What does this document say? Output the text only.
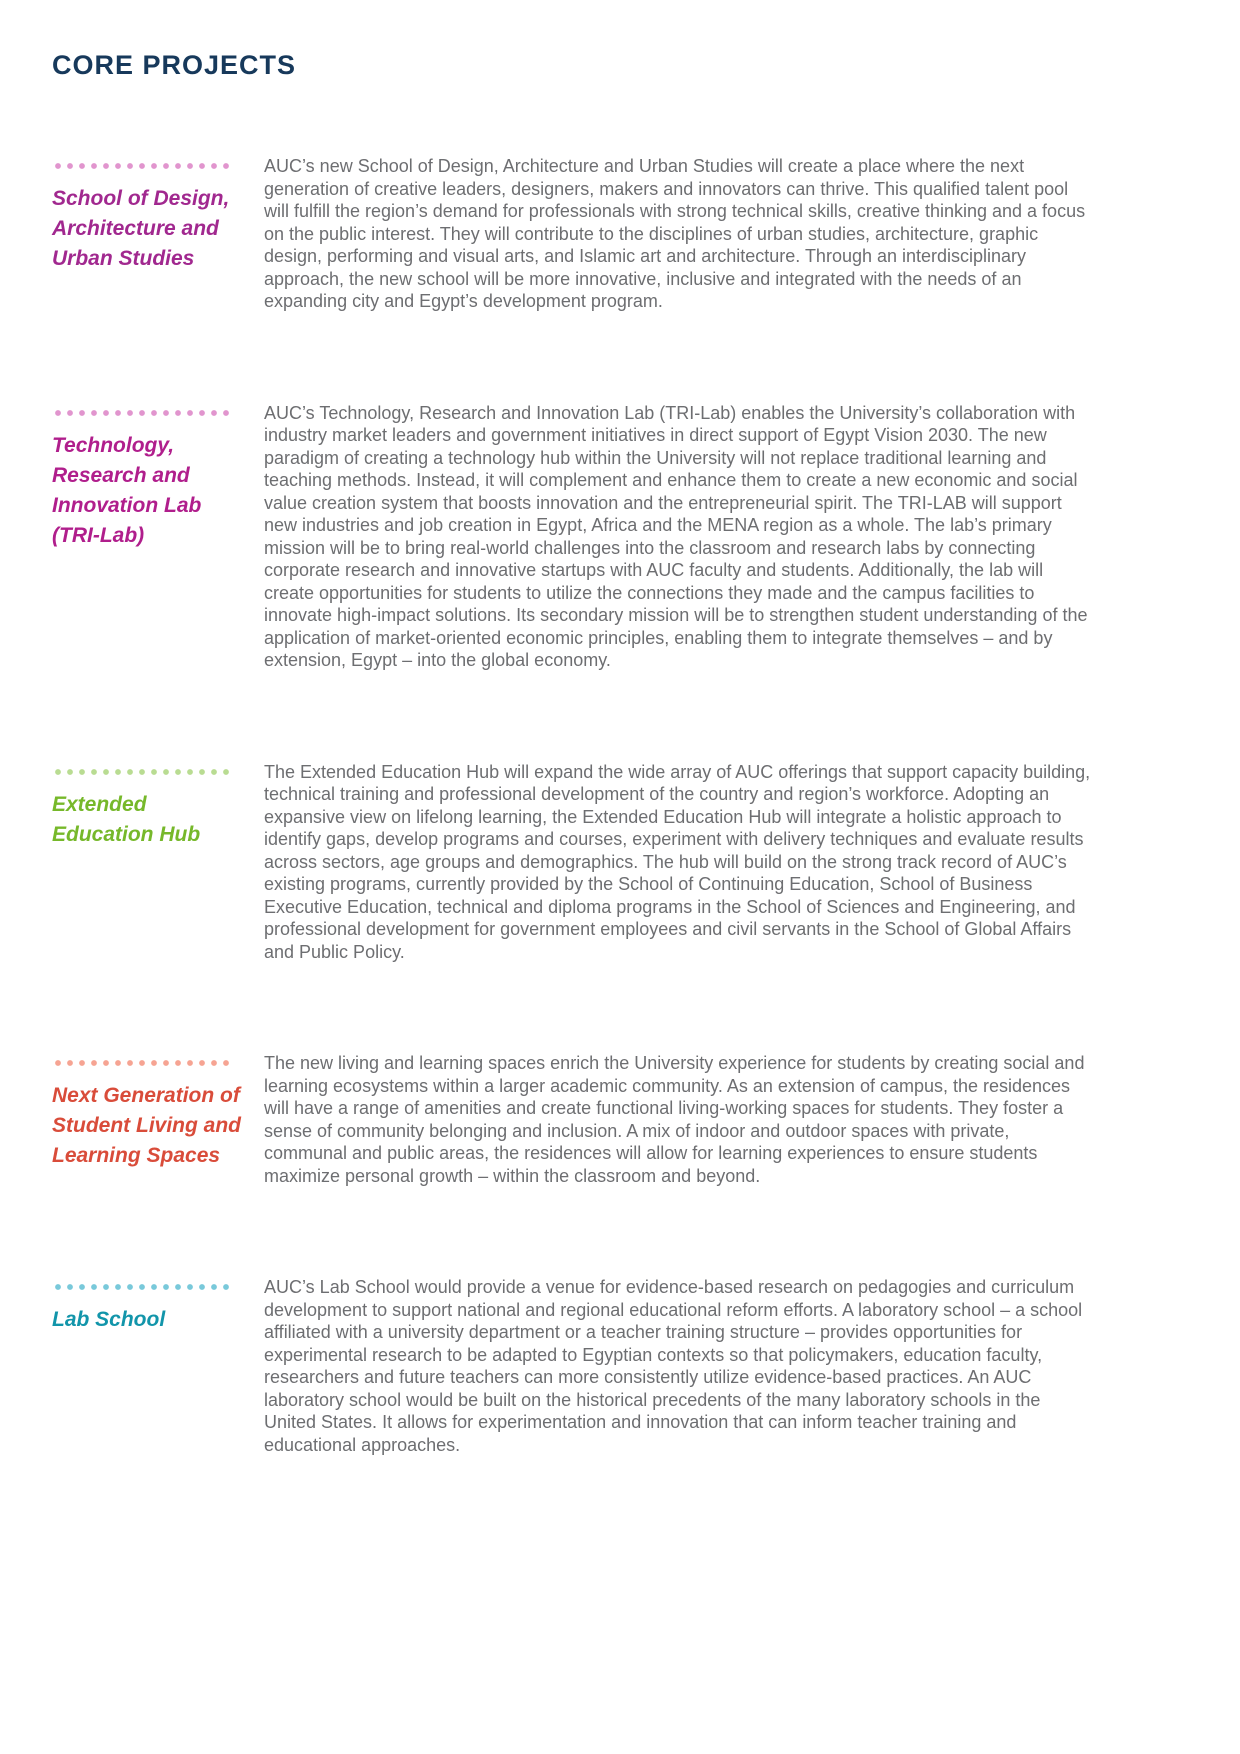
CORE PROJECTS
School of Design, Architecture and Urban Studies

AUC’s new School of Design, Architecture and Urban Studies will create a place where the next generation of creative leaders, designers, makers and innovators can thrive. This qualified talent pool will fulfill the region’s demand for professionals with strong technical skills, creative thinking and a focus on the public interest. They will contribute to the disciplines of urban studies, architecture, graphic design, performing and visual arts, and Islamic art and architecture. Through an interdisciplinary approach, the new school will be more innovative, inclusive and integrated with the needs of an expanding city and Egypt’s development program.

Technology, Research and Innovation Lab (TRI-Lab)

AUC’s Technology, Research and Innovation Lab (TRI-Lab) enables the University’s collaboration with industry market leaders and government initiatives in direct support of Egypt Vision 2030. The new paradigm of creating a technology hub within the University will not replace traditional learning and teaching methods. Instead, it will complement and enhance them to create a new economic and social value creation system that boosts innovation and the entrepreneurial spirit. The TRI-LAB will support new industries and job creation in Egypt, Africa and the MENA region as a whole. The lab’s primary mission will be to bring real-world challenges into the classroom and research labs by connecting corporate research and innovative startups with AUC faculty and students. Additionally, the lab will create opportunities for students to utilize the connections they made and the campus facilities to innovate high-impact solutions. Its secondary mission will be to strengthen student understanding of the application of market-oriented economic principles, enabling them to integrate themselves – and by extension, Egypt – into the global economy.

Extended Education Hub

The Extended Education Hub will expand the wide array of AUC offerings that support capacity building, technical training and professional development of the country and region’s workforce. Adopting an expansive view on lifelong learning, the Extended Education Hub will integrate a holistic approach to identify gaps, develop programs and courses, experiment with delivery techniques and evaluate results across sectors, age groups and demographics. The hub will build on the strong track record of AUC’s existing programs, currently provided by the School of Continuing Education, School of Business Executive Education, technical and diploma programs in the School of Sciences and Engineering, and professional development for government employees and civil servants in the School of Global Affairs and Public Policy.

Next Generation of Student Living and Learning Spaces

The new living and learning spaces enrich the University experience for students by creating social and learning ecosystems within a larger academic community. As an extension of campus, the residences will have a range of amenities and create functional living-working spaces for students. They foster a sense of community belonging and inclusion. A mix of indoor and outdoor spaces with private, communal and public areas, the residences will allow for learning experiences to ensure students maximize personal growth – within the classroom and beyond.

Lab School

AUC’s Lab School would provide a venue for evidence-based research on pedagogies and curriculum development to support national and regional educational reform efforts. A laboratory school – a school affiliated with a university department or a teacher training structure – provides opportunities for experimental research to be adapted to Egyptian contexts so that policymakers, education faculty, researchers and future teachers can more consistently utilize evidence-based practices. An AUC laboratory school would be built on the historical precedents of the many laboratory schools in the United States. It allows for experimentation and innovation that can inform teacher training and educational approaches.
